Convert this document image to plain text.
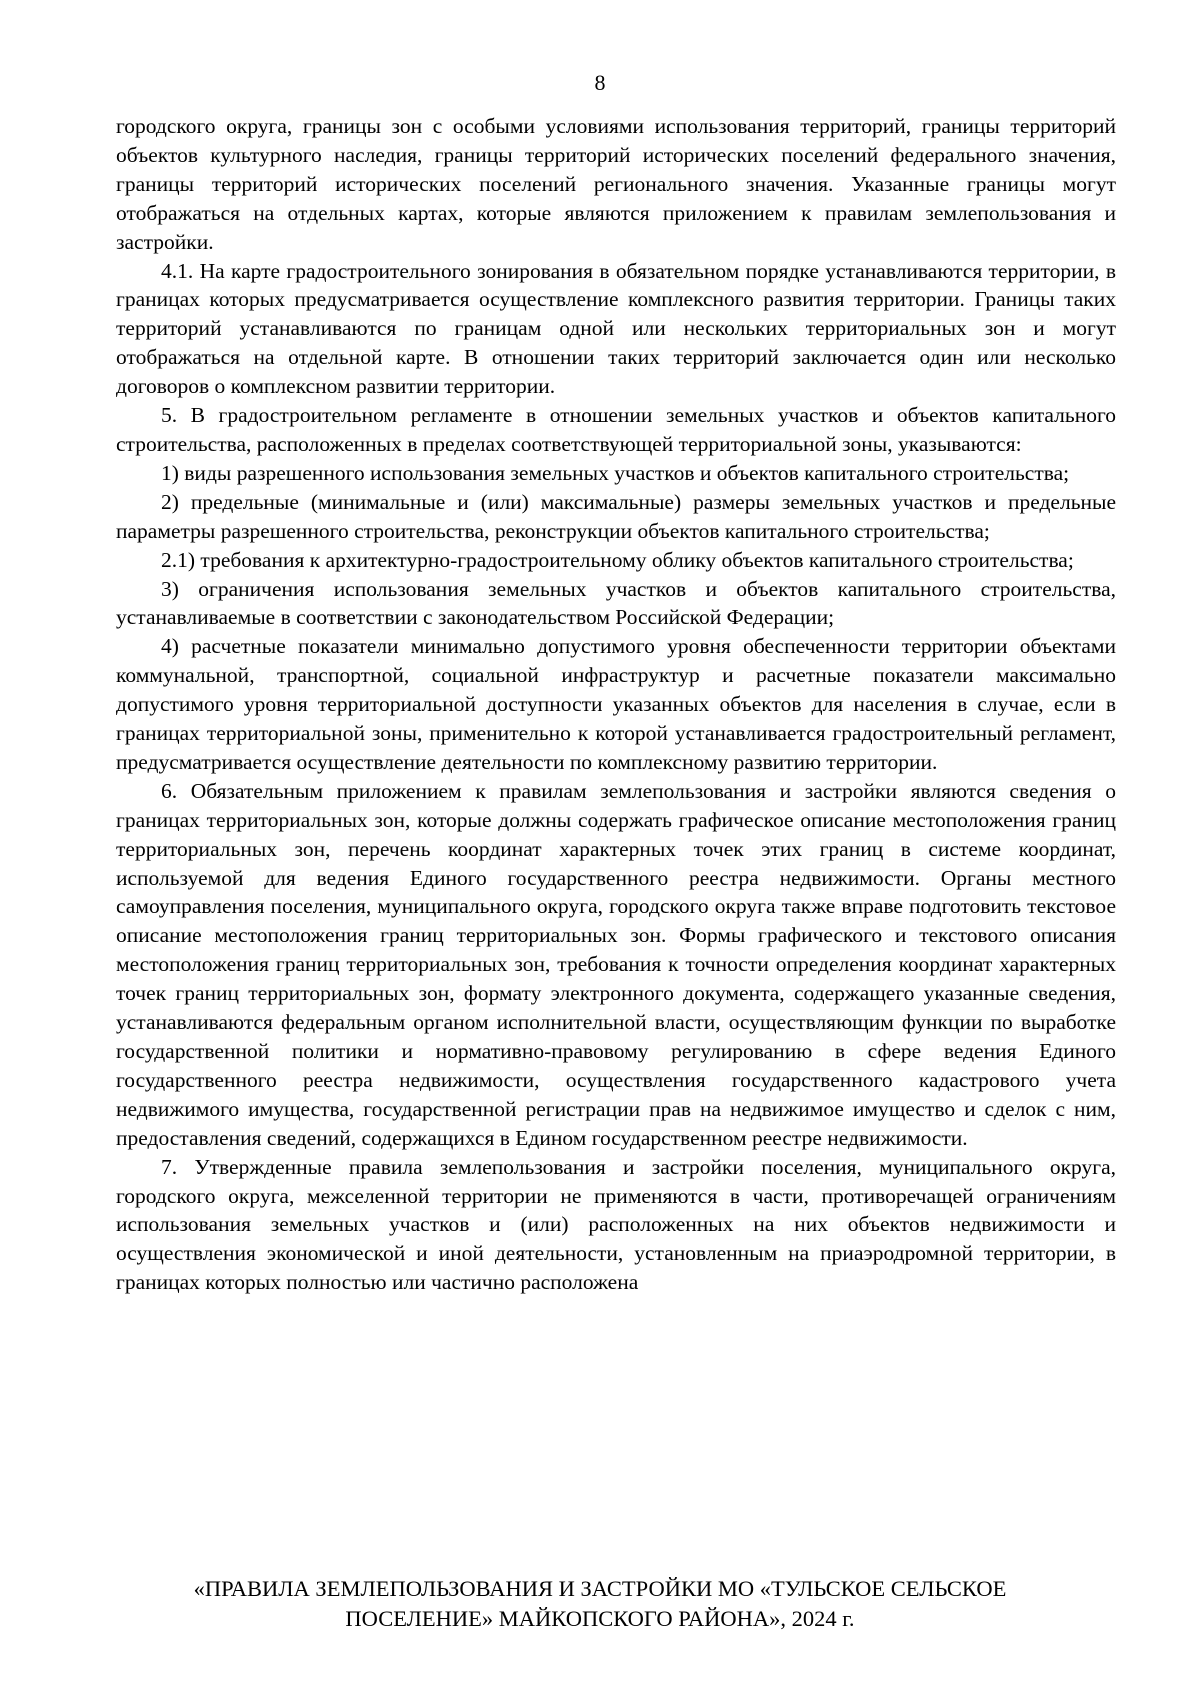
8

городского округа, границы зон с особыми условиями использования территорий, границы территорий объектов культурного наследия, границы территорий исторических поселений федерального значения, границы территорий исторических поселений регионального значения. Указанные границы могут отображаться на отдельных картах, которые являются приложением к правилам землепользования и застройки.

4.1. На карте градостроительного зонирования в обязательном порядке устанавливаются территории, в границах которых предусматривается осуществление комплексного развития территории. Границы таких территорий устанавливаются по границам одной или нескольких территориальных зон и могут отображаться на отдельной карте. В отношении таких территорий заключается один или несколько договоров о комплексном развитии территории.

5. В градостроительном регламенте в отношении земельных участков и объектов капитального строительства, расположенных в пределах соответствующей территориальной зоны, указываются:

1) виды разрешенного использования земельных участков и объектов капитального строительства;

2) предельные (минимальные и (или) максимальные) размеры земельных участков и предельные параметры разрешенного строительства, реконструкции объектов капитального строительства;

2.1) требования к архитектурно-градостроительному облику объектов капитального строительства;

3) ограничения использования земельных участков и объектов капитального строительства, устанавливаемые в соответствии с законодательством Российской Федерации;

4) расчетные показатели минимально допустимого уровня обеспеченности территории объектами коммунальной, транспортной, социальной инфраструктур и расчетные показатели максимально допустимого уровня территориальной доступности указанных объектов для населения в случае, если в границах территориальной зоны, применительно к которой устанавливается градостроительный регламент, предусматривается осуществление деятельности по комплексному развитию территории.

6. Обязательным приложением к правилам землепользования и застройки являются сведения о границах территориальных зон, которые должны содержать графическое описание местоположения границ территориальных зон, перечень координат характерных точек этих границ в системе координат, используемой для ведения Единого государственного реестра недвижимости. Органы местного самоуправления поселения, муниципального округа, городского округа также вправе подготовить текстовое описание местоположения границ территориальных зон. Формы графического и текстового описания местоположения границ территориальных зон, требования к точности определения координат характерных точек границ территориальных зон, формату электронного документа, содержащего указанные сведения, устанавливаются федеральным органом исполнительной власти, осуществляющим функции по выработке государственной политики и нормативно-правовому регулированию в сфере ведения Единого государственного реестра недвижимости, осуществления государственного кадастрового учета недвижимого имущества, государственной регистрации прав на недвижимое имущество и сделок с ним, предоставления сведений, содержащихся в Едином государственном реестре недвижимости.

7. Утвержденные правила землепользования и застройки поселения, муниципального округа, городского округа, межселенной территории не применяются в части, противоречащей ограничениям использования земельных участков и (или) расположенных на них объектов недвижимости и осуществления экономической и иной деятельности, установленным на приаэродромной территории, в границах которых полностью или частично расположена

«ПРАВИЛА ЗЕМЛЕПОЛЬЗОВАНИЯ И ЗАСТРОЙКИ МО «ТУЛЬСКОЕ СЕЛЬСКОЕ
ПОСЕЛЕНИЕ» МАЙКОПСКОГО РАЙОНА», 2024 г.
